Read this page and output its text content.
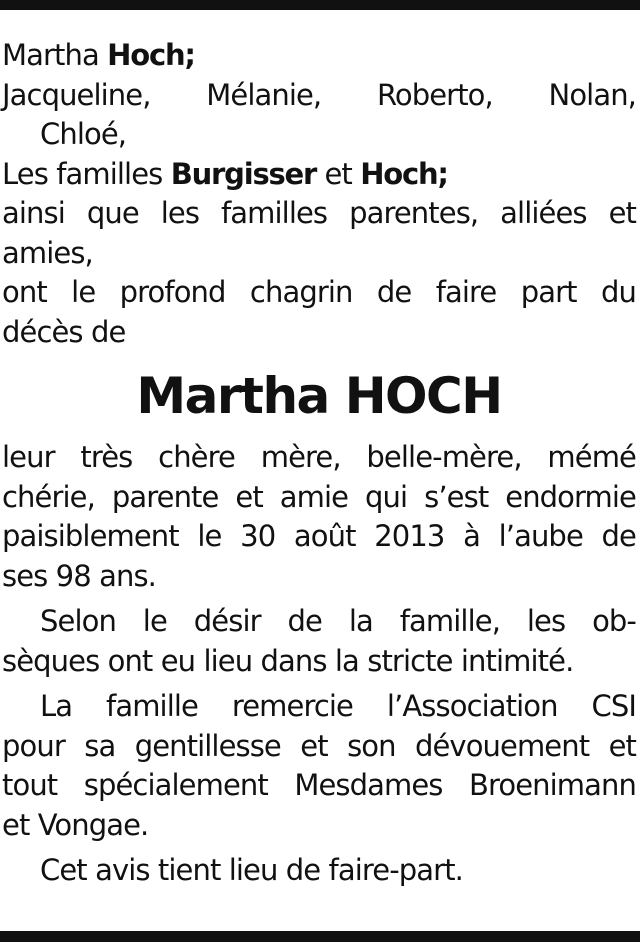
Martha Hoch;
Jacqueline, Mélanie, Roberto, Nolan,
Chloé,
Les familles Burgisser et Hoch;
ainsi que les familles parentes, alliées et
amies,
ont le profond chagrin de faire part du
décès de
Martha HOCH
leur très chère mère, belle-mère, mémé
chérie, parente et amie qui s’est endormie
paisiblement le 30 août 2013 à l’aube de
ses 98 ans.
Selon le désir de la famille, les ob-
sèques ont eu lieu dans la stricte intimité.
La famille remercie l’Association CSI
pour sa gentillesse et son dévouement et
tout spécialement Mesdames Broenimann
et Vongae.
Cet avis tient lieu de faire-part.
